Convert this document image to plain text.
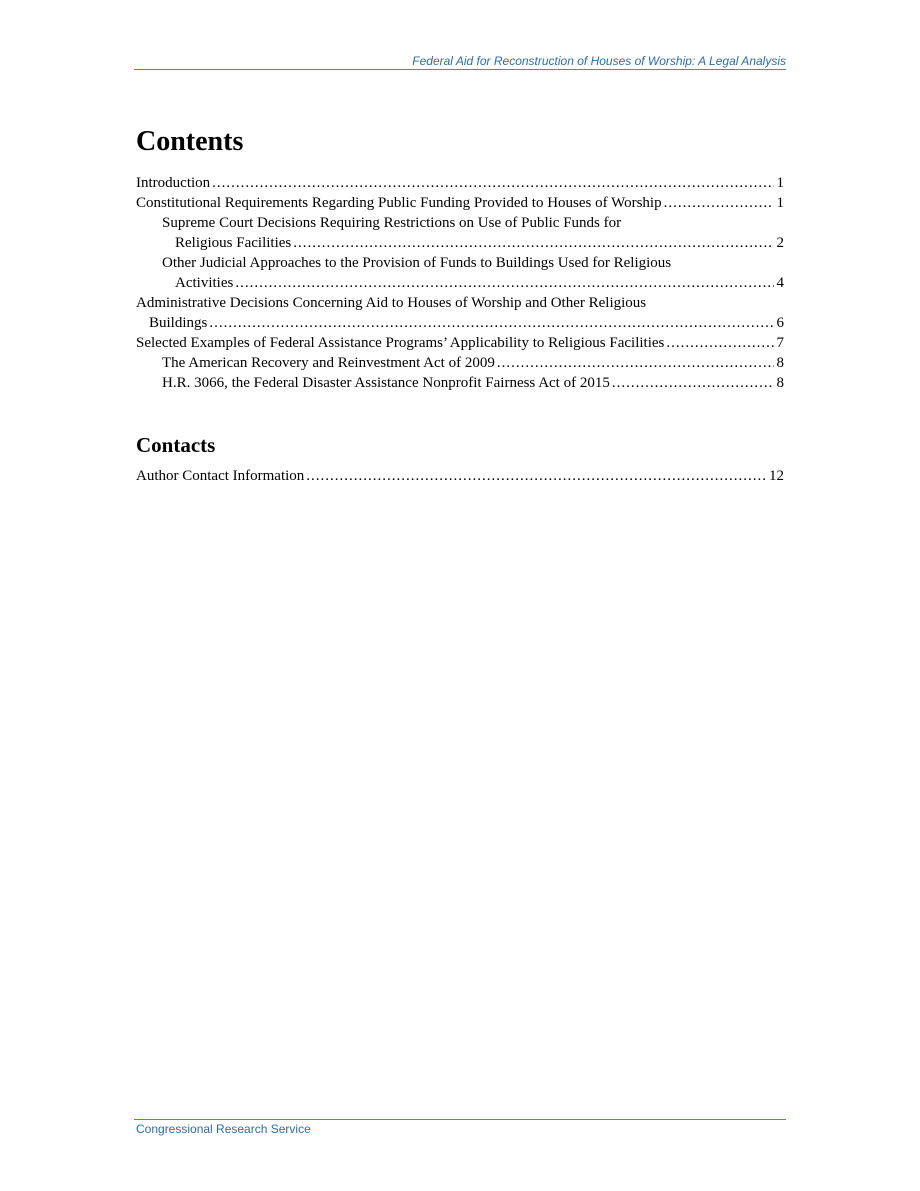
Federal Aid for Reconstruction of Houses of Worship: A Legal Analysis
Contents
Introduction .....	1
Constitutional Requirements Regarding Public Funding Provided to Houses of Worship .....	1
Supreme Court Decisions Requiring Restrictions on Use of Public Funds for
Religious Facilities .....	2
Other Judicial Approaches to the Provision of Funds to Buildings Used for Religious
Activities .....	4
Administrative Decisions Concerning Aid to Houses of Worship and Other Religious
Buildings .....	6
Selected Examples of Federal Assistance Programs’ Applicability to Religious Facilities .....	7
The American Recovery and Reinvestment Act of 2009 .....	8
H.R. 3066, the Federal Disaster Assistance Nonprofit Fairness Act of 2015 .....	8
Contacts
Author Contact Information .....	12
Congressional Research Service
